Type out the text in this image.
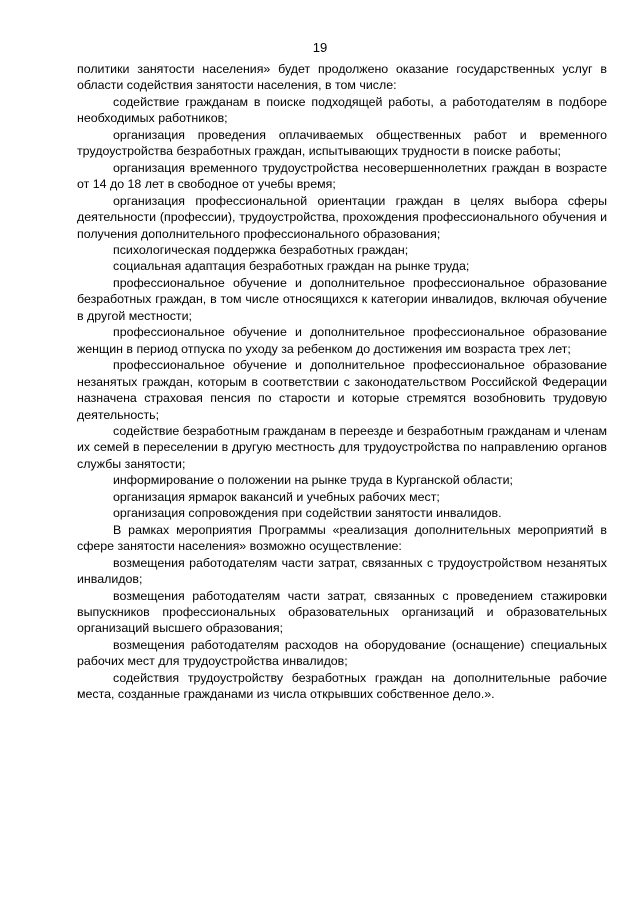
19

политики занятости населения» будет продолжено оказание государственных услуг в области содействия занятости населения, в том числе:

содействие гражданам в поиске подходящей работы, а работодателям в подборе необходимых работников;

организация проведения оплачиваемых общественных работ и временного трудоустройства безработных граждан, испытывающих трудности в поиске работы;

организация временного трудоустройства несовершеннолетних граждан в возрасте от 14 до 18 лет в свободное от учебы время;

организация профессиональной ориентации граждан в целях выбора сферы деятельности (профессии), трудоустройства, прохождения профессионального обучения и получения дополнительного профессионального образования;

психологическая поддержка безработных граждан;

социальная адаптация безработных граждан на рынке труда;

профессиональное обучение и дополнительное профессиональное образование безработных граждан, в том числе относящихся к категории инвалидов, включая обучение в другой местности;

профессиональное обучение и дополнительное профессиональное образование женщин в период отпуска по уходу за ребенком до достижения им возраста трех лет;

профессиональное обучение и дополнительное профессиональное образование незанятых граждан, которым в соответствии с законодательством Российской Федерации назначена страховая пенсия по старости и которые стремятся возобновить трудовую деятельность;

содействие безработным гражданам в переезде и безработным гражданам и членам их семей в переселении в другую местность для трудоустройства по направлению органов службы занятости;

информирование о положении на рынке труда в Курганской области;

организация ярмарок вакансий и учебных рабочих мест;

организация сопровождения при содействии занятости инвалидов.

В рамках мероприятия Программы «реализация дополнительных мероприятий в сфере занятости населения» возможно осуществление:

возмещения работодателям части затрат, связанных с трудоустройством незанятых инвалидов;

возмещения работодателям части затрат, связанных с проведением стажировки выпускников профессиональных образовательных организаций и образовательных организаций высшего образования;

возмещения работодателям расходов на оборудование (оснащение) специальных рабочих мест для трудоустройства инвалидов;

содействия трудоустройству безработных граждан на дополнительные рабочие места, созданные гражданами из числа открывших собственное дело.».
